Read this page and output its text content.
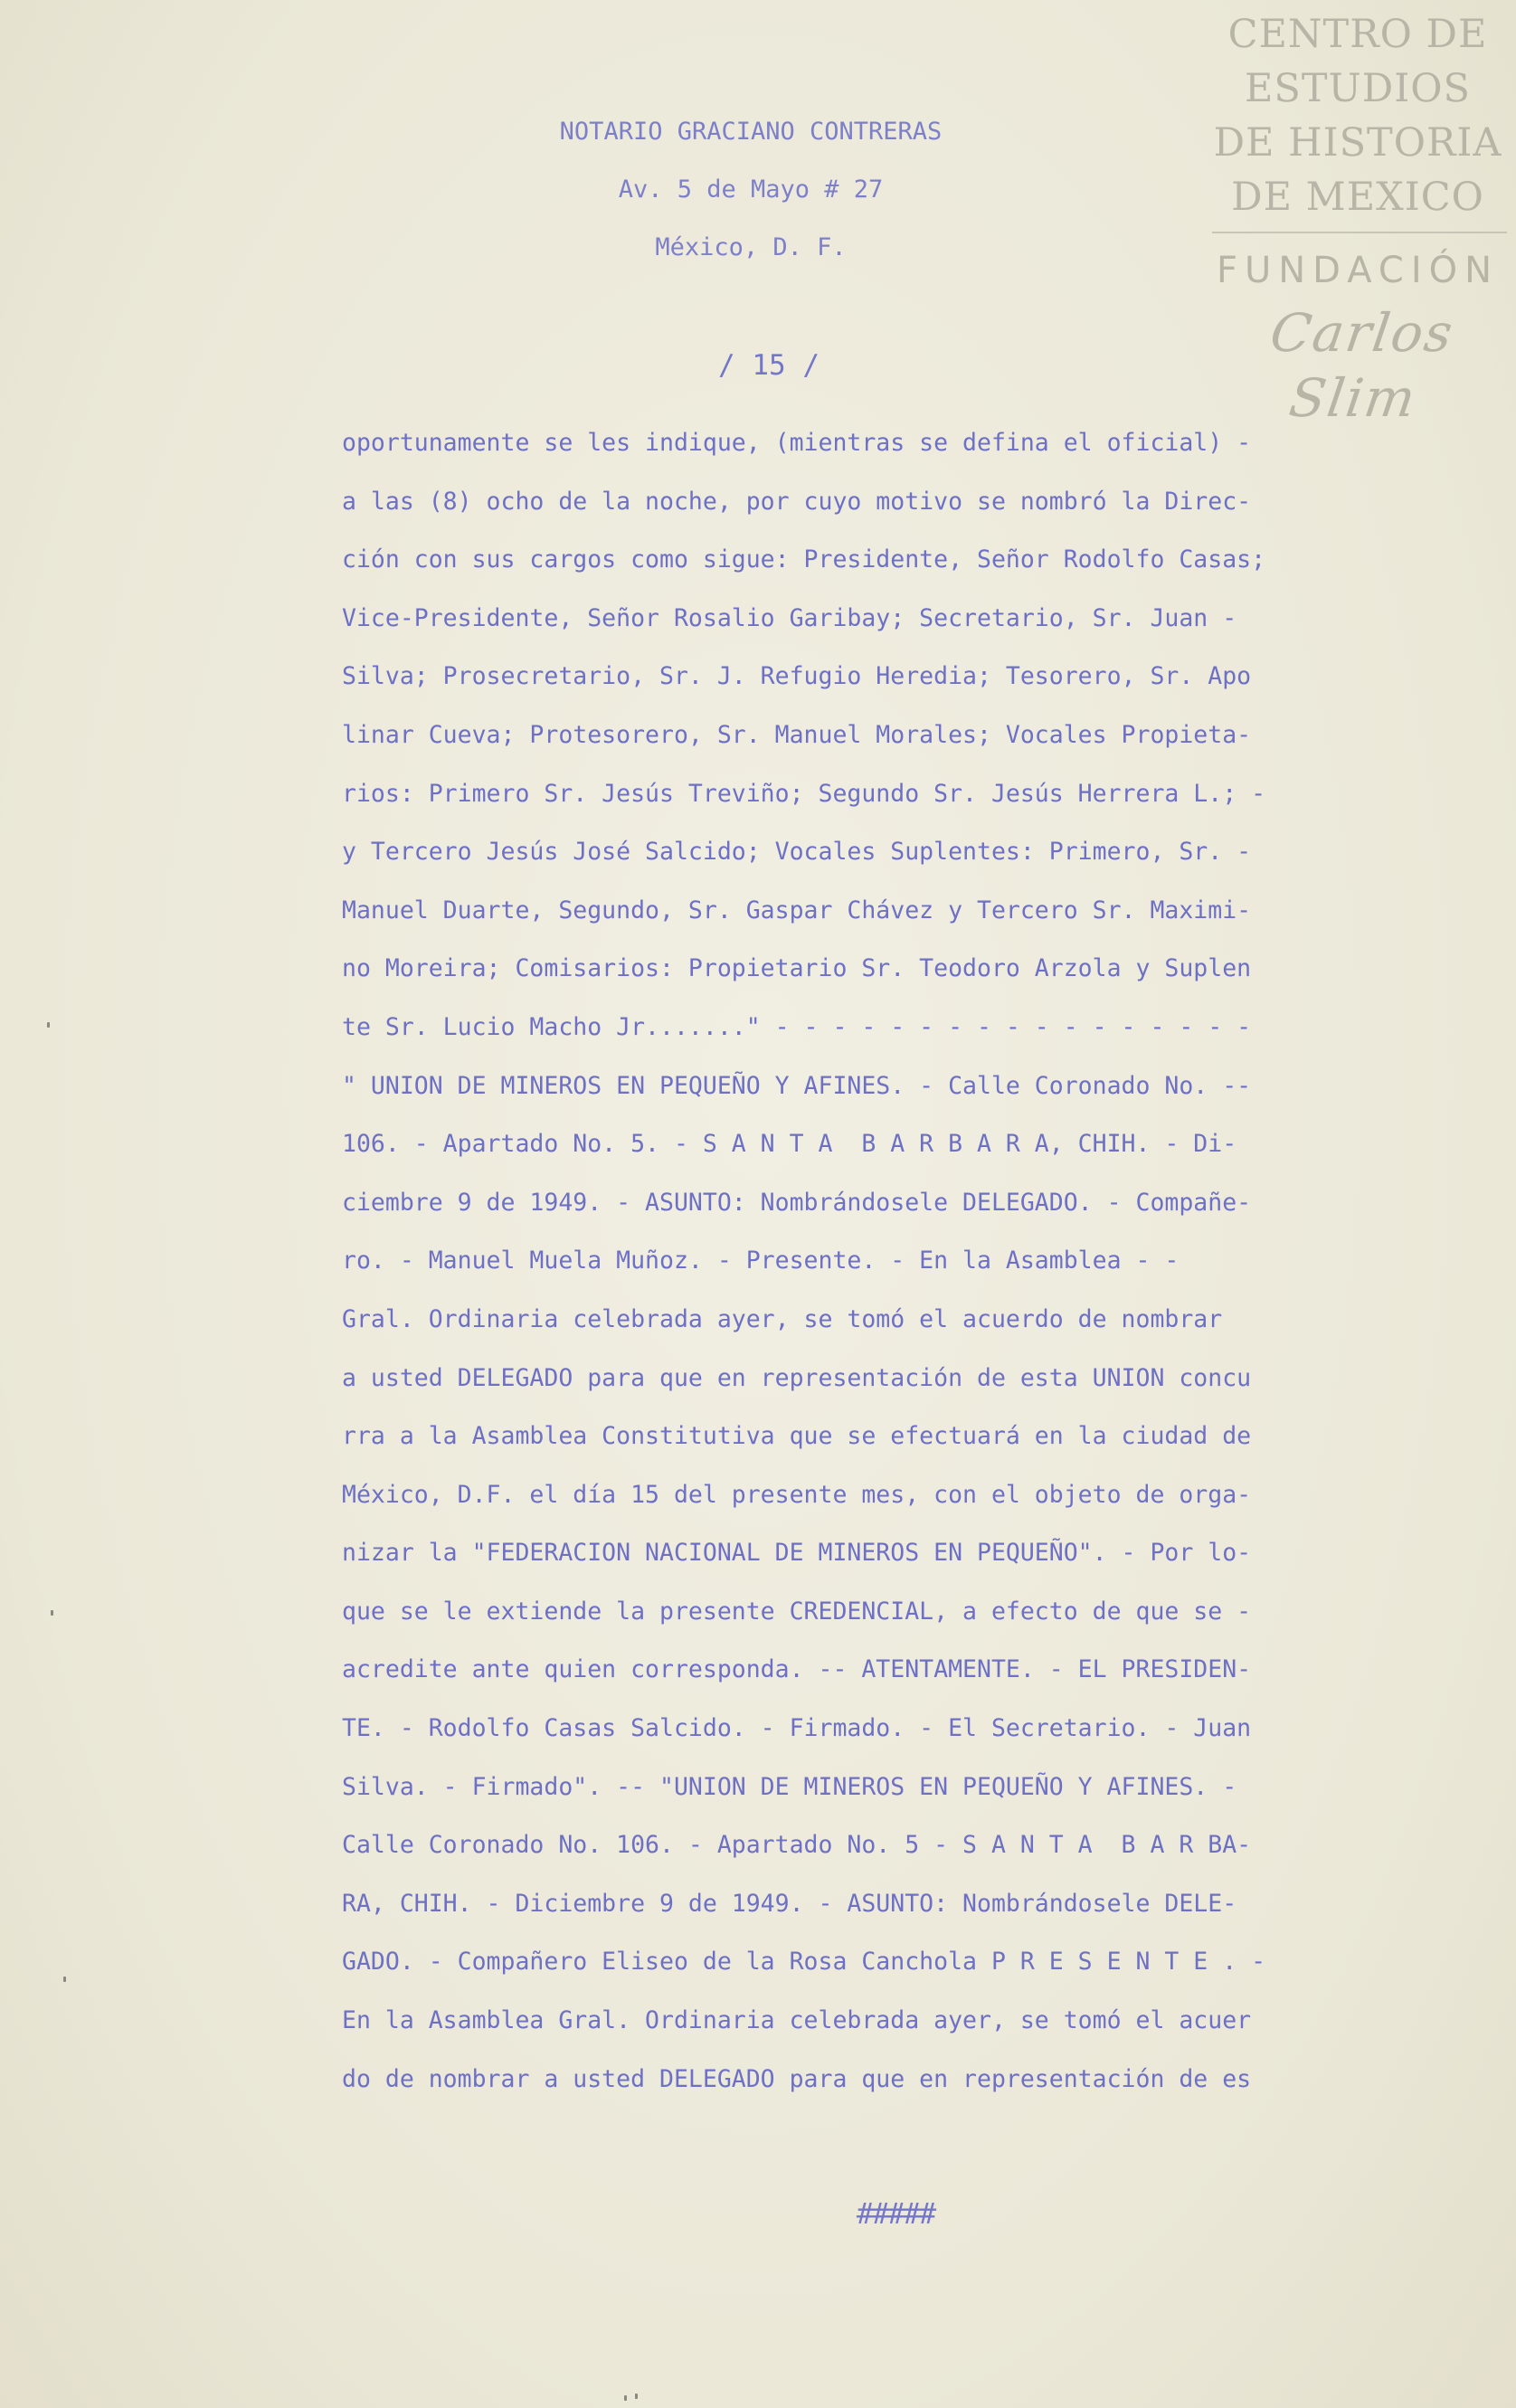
CENTRO DE
ESTUDIOS
DE HISTORIA
DE MEXICO
FUNDACIÓN
Carlos Slim
NOTARIO GRACIANO CONTRERAS
Av. 5 de Mayo # 27
México, D. F.
/ 15 /
oportunamente se les indique, (mientras se defina el oficial) -
a las (8) ocho de la noche, por cuyo motivo se nombró la Direc-
ción con sus cargos como sigue: Presidente, Señor Rodolfo Casas;
Vice-Presidente, Señor Rosalio Garibay; Secretario, Sr. Juan -
Silva; Prosecretario, Sr. J. Refugio Heredia; Tesorero, Sr. Apo
linar Cueva; Protesorero, Sr. Manuel Morales; Vocales Propieta-
rios: Primero Sr. Jesús Treviño; Segundo Sr. Jesús Herrera L.; -
y Tercero Jesús José Salcido; Vocales Suplentes: Primero, Sr. -
Manuel Duarte, Segundo, Sr. Gaspar Chávez y Tercero Sr. Maximi-
no Moreira; Comisarios: Propietario Sr. Teodoro Arzola y Suplen
te Sr. Lucio Macho Jr......." - - - - - - - - - - - - - - - - -
" UNION DE MINEROS EN PEQUEÑO Y AFINES. - Calle Coronado No. --
106. - Apartado No. 5. - S A N T A  B A R B A R A, CHIH. - Di-
ciembre 9 de 1949. - ASUNTO: Nombrándosele DELEGADO. - Compañe-
ro. - Manuel Muela Muñoz. - Presente. - En la Asamblea - -
Gral. Ordinaria celebrada ayer, se tomó el acuerdo de nombrar
a usted DELEGADO para que en representación de esta UNION concu
rra a la Asamblea Constitutiva que se efectuará en la ciudad de
México, D.F. el día 15 del presente mes, con el objeto de orga-
nizar la "FEDERACION NACIONAL DE MINEROS EN PEQUEÑO". - Por lo-
que se le extiende la presente CREDENCIAL, a efecto de que se -
acredite ante quien corresponda. -- ATENTAMENTE. - EL PRESIDEN-
TE. - Rodolfo Casas Salcido. - Firmado. - El Secretario. - Juan
Silva. - Firmado". -- "UNION DE MINEROS EN PEQUEÑO Y AFINES. -
Calle Coronado No. 106. - Apartado No. 5 - S A N T A  B A R BA-
RA, CHIH. - Diciembre 9 de 1949. - ASUNTO: Nombrándosele DELE-
GADO. - Compañero Eliseo de la Rosa Canchola P R E S E N T E . -
En la Asamblea Gral. Ordinaria celebrada ayer, se tomó el acuer
do de nombrar a usted DELEGADO para que en representación de es
#####
